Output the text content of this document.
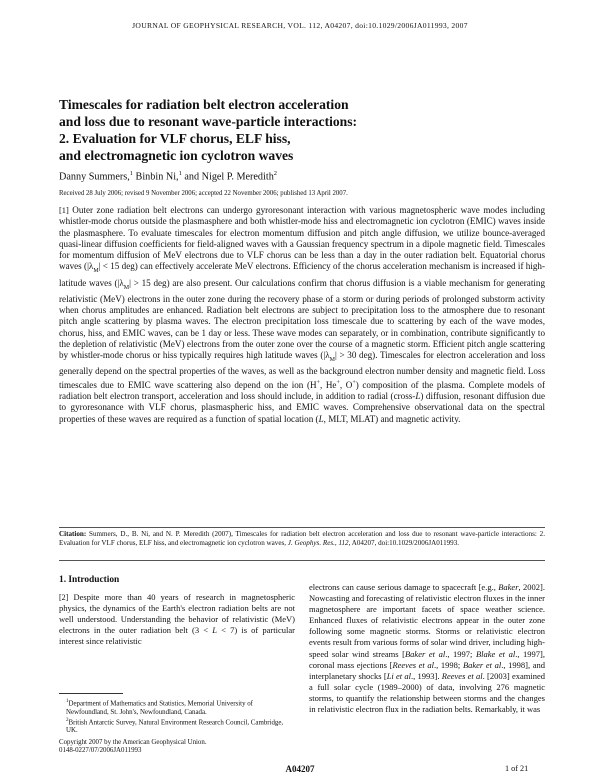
JOURNAL OF GEOPHYSICAL RESEARCH, VOL. 112, A04207, doi:10.1029/2006JA011993, 2007
Timescales for radiation belt electron acceleration
and loss due to resonant wave-particle interactions:
2. Evaluation for VLF chorus, ELF hiss,
and electromagnetic ion cyclotron waves
Danny Summers,$^1$ Binbin Ni,$^1$ and Nigel P. Meredith$^2$
Received 28 July 2006; revised 9 November 2006; accepted 22 November 2006; published 13 April 2007.
[1] Outer zone radiation belt electrons can undergo gyroresonant interaction with various magnetospheric wave modes including whistler-mode chorus outside the plasmasphere and both whistler-mode hiss and electromagnetic ion cyclotron (EMIC) waves inside the plasmasphere. To evaluate timescales for electron momentum diffusion and pitch angle diffusion, we utilize bounce-averaged quasi-linear diffusion coefficients for field-aligned waves with a Gaussian frequency spectrum in a dipole magnetic field. Timescales for momentum diffusion of MeV electrons due to VLF chorus can be less than a day in the outer radiation belt. Equatorial chorus waves ($|\lambda_M| < 15$ deg) can effectively accelerate MeV electrons. Efficiency of the chorus acceleration mechanism is increased if high-latitude waves ($|\lambda_M| > 15$ deg) are also present. Our calculations confirm that chorus diffusion is a viable mechanism for generating relativistic (MeV) electrons in the outer zone during the recovery phase of a storm or during periods of prolonged substorm activity when chorus amplitudes are enhanced. Radiation belt electrons are subject to precipitation loss to the atmosphere due to resonant pitch angle scattering by plasma waves. The electron precipitation loss timescale due to scattering by each of the wave modes, chorus, hiss, and EMIC waves, can be 1 day or less. These wave modes can separately, or in combination, contribute significantly to the depletion of relativistic (MeV) electrons from the outer zone over the course of a magnetic storm. Efficient pitch angle scattering by whistler-mode chorus or hiss typically requires high latitude waves ($|\lambda_M| > 30$ deg). Timescales for electron acceleration and loss generally depend on the spectral properties of the waves, as well as the background electron number density and magnetic field. Loss timescales due to EMIC wave scattering also depend on the ion (H+, He+, O+) composition of the plasma. Complete models of radiation belt electron transport, acceleration and loss should include, in addition to radial (cross-L) diffusion, resonant diffusion due to gyroresonance with VLF chorus, plasmaspheric hiss, and EMIC waves. Comprehensive observational data on the spectral properties of these waves are required as a function of spatial location (L, MLT, MLAT) and magnetic activity.
Citation: Summers, D., B. Ni, and N. P. Meredith (2007), Timescales for radiation belt electron acceleration and loss due to resonant wave-particle interactions: 2. Evaluation for VLF chorus, ELF hiss, and electromagnetic ion cyclotron waves, J. Geophys. Res., 112, A04207, doi:10.1029/2006JA011993.
1. Introduction
[2] Despite more than 40 years of research in magnetospheric physics, the dynamics of the Earth's electron radiation belts are not well understood. Understanding the behavior of relativistic (MeV) electrons in the outer radiation belt (3 < L < 7) is of particular interest since relativistic
electrons can cause serious damage to spacecraft [e.g., Baker, 2002]. Nowcasting and forecasting of relativistic electron fluxes in the inner magnetosphere are important facets of space weather science. Enhanced fluxes of relativistic electrons appear in the outer zone following some magnetic storms. Storms or relativistic electron events result from various forms of solar wind driver, including high-speed solar wind streams [Baker et al., 1997; Blake et al., 1997], coronal mass ejections [Reeves et al., 1998; Baker et al., 1998], and interplanetary shocks [Li et al., 1993]. Reeves et al. [2003] examined a full solar cycle (1989–2000) of data, involving 276 magnetic storms, to quantify the relationship between storms and the changes in relativistic electron flux in the radiation belts. Remarkably, it was
$^1$Department of Mathematics and Statistics, Memorial University of Newfoundland, St. John's, Newfoundland, Canada.
$^2$British Antarctic Survey, Natural Environment Research Council, Cambridge, UK.
Copyright 2007 by the American Geophysical Union.
0148-0227/07/2006JA011993
A04207	1 of 21
